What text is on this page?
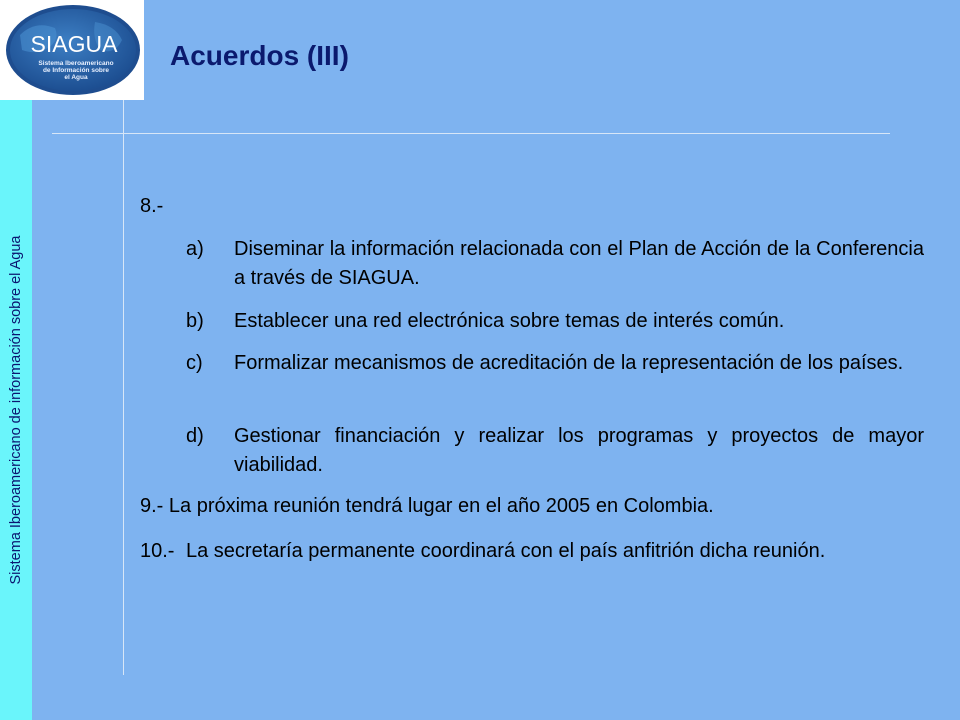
SIAGUA
Sistema Iberoamericano
de Información sobre
el Agua
Sistema Iberoamericano de información sobre el Agua
Acuerdos (III)
8.-
a) Diseminar la información relacionada con el Plan de Acción de la Conferencia a través de SIAGUA.
b) Establecer una red electrónica sobre temas de interés común.
c) Formalizar mecanismos de acreditación de la representación de los países.
d) Gestionar financiación y realizar los programas y proyectos de mayor viabilidad.
9.- La próxima reunión tendrá lugar en el año 2005 en Colombia.
10.- La secretaría permanente coordinará con el país anfitrión dicha reunión.
